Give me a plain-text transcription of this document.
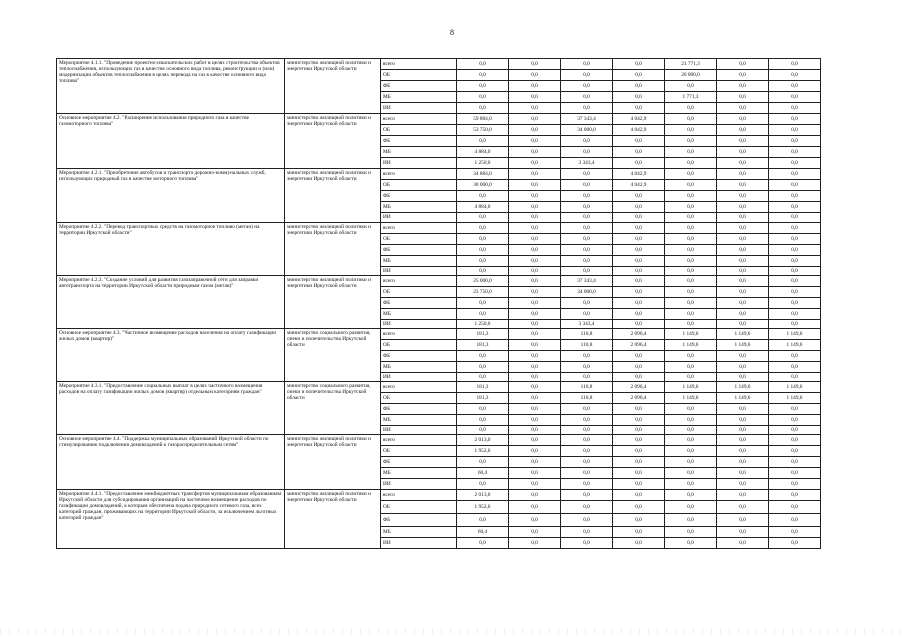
8
Мероприятие 4.1.1. "Проведение проектно-изыскательских работ в целях строительства объектов теплоснабжения, использующих газ в качестве основного вида топлива, реконструкции и (или) модернизации объектов теплоснабжения в целях перевода на газ в качестве основного вида топлива"	министерство жилищной политики и энергетики Иркутской области	всего	0,0	0,0	0,0	0,0	21 771,3	0,0	0,0
		ОБ	0,0	0,0	0,0	0,0	20 000,0	0,0	0,0
		ФБ	0,0	0,0	0,0	0,0	0,0	0,0	0,0
		МБ	0,0	0,0	0,0	0,0	1 771,3	0,0	0,0
		ИИ	0,0	0,0	0,0	0,0	0,0	0,0	0,0
Основное мероприятие 4.2. "Расширение использования природного газа в качестве газомоторного топлива"	министерство жилищной политики и энергетики Иркутской области	всего	59 884,0	0,0	37 343,4	4 042,9	0,0	0,0	0,0
		ОБ	53 750,0	0,0	34 000,0	4 042,9	0,0	0,0	0,0
		ФБ	0,0	0,0	0,0	0,0	0,0	0,0	0,0
		МБ	4 884,0	0,0	0,0	0,0	0,0	0,0	0,0
		ИИ	1 250,0	0,0	3 343,4	0,0	0,0	0,0	0,0
Мероприятие 4.2.1. "Приобретение автобусов и транспорта дорожно-коммунальных служб, использующих природный газ в качестве моторного топлива"	министерство жилищной политики и энергетики Иркутской области	всего	34 884,0	0,0	0,0	4 042,9	0,0	0,0	0,0
		ОБ	30 000,0	0,0	0,0	4 042,9	0,0	0,0	0,0
		ФБ	0,0	0,0	0,0	0,0	0,0	0,0	0,0
		МБ	4 884,0	0,0	0,0	0,0	0,0	0,0	0,0
		ИИ	0,0	0,0	0,0	0,0	0,0	0,0	0,0
Мероприятие 4.2.2. "Перевод транспортных средств на газомоторное топливо (метан) на территории Иркутской области"	министерство жилищной политики и энергетики Иркутской области	всего	0,0	0,0	0,0	0,0	0,0	0,0	0,0
		ОБ	0,0	0,0	0,0	0,0	0,0	0,0	0,0
		ФБ	0,0	0,0	0,0	0,0	0,0	0,0	0,0
		МБ	0,0	0,0	0,0	0,0	0,0	0,0	0,0
		ИИ	0,0	0,0	0,0	0,0	0,0	0,0	0,0
Мероприятие 4.2.3. "Создание условий для развития газозаправочной сети для заправки автотранспорта на территории Иркутской области природным газом (метан)"	министерство жилищной политики и энергетики Иркутской области	всего	25 000,0	0,0	37 343,4	0,0	0,0	0,0	0,0
		ОБ	23 750,0	0,0	34 000,0	0,0	0,0	0,0	0,0
		ФБ	0,0	0,0	0,0	0,0	0,0	0,0	0,0
		МБ	0,0	0,0	0,0	0,0	0,0	0,0	0,0
		ИИ	1 250,0	0,0	3 343,4	0,0	0,0	0,0	0,0
Основное мероприятие 4.3. "Частичное возмещение расходов населения на оплату газификации жилых домов (квартир)"	министерство социального развития, опеки и попечительства Иркутской области	всего	181,3	0,0	110,8	2 096,4	1 149,6	1 149,6	1 149,6
		ОБ	181,3	0,0	110,8	2 096,4	1 149,6	1 149,6	1 149,6
		ФБ	0,0	0,0	0,0	0,0	0,0	0,0	0,0
		МБ	0,0	0,0	0,0	0,0	0,0	0,0	0,0
		ИИ	0,0	0,0	0,0	0,0	0,0	0,0	0,0
Мероприятие 4.3.1. "Предоставление социальных выплат в целях частичного возмещения расходов на оплату газификации жилых домов (квартир) отдельным категориям граждан"	министерство социального развития, опеки и попечительства Иркутской области	всего	181,3	0,0	110,8	2 096,4	1 149,6	1 149,6	1 149,6
		ОБ	181,3	0,0	110,8	2 096,4	1 149,6	1 149,6	1 149,6
		ФБ	0,0	0,0	0,0	0,0	0,0	0,0	0,0
		МБ	0,0	0,0	0,0	0,0	0,0	0,0	0,0
		ИИ	0,0	0,0	0,0	0,0	0,0	0,0	0,0
Основное мероприятие 4.4. "Поддержка муниципальных образований Иркутской области по стимулированию подключения домовладений к газораспределительным сетям"	министерство жилищной политики и энергетики Иркутской области	всего	2 013,0	0,0	0,0	0,0	0,0	0,0	0,0
		ОБ	1 952,6	0,0	0,0	0,0	0,0	0,0	0,0
		ФБ	0,0	0,0	0,0	0,0	0,0	0,0	0,0
		МБ	60,4	0,0	0,0	0,0	0,0	0,0	0,0
		ИИ	0,0	0,0	0,0	0,0	0,0	0,0	0,0
Мероприятие 4.4.1. "Предоставление межбюджетных трансфертов муниципальным образованиям Иркутской области для субсидирования организаций на частичное возмещение расходов по газификации домовладений, к которым обеспечена подача природного сетевого газа, всех категорий граждан, проживающих на территории Иркутской области, за исключением льготных категорий граждан"	министерство жилищной политики и энергетики Иркутской области	всего	2 013,0	0,0	0,0	0,0	0,0	0,0	0,0
		ОБ	1 952,6	0,0	0,0	0,0	0,0	0,0	0,0
		ФБ	0,0	0,0	0,0	0,0	0,0	0,0	0,0
		МБ	60,4	0,0	0,0	0,0	0,0	0,0	0,0
		ИИ	0,0	0,0	0,0	0,0	0,0	0,0	0,0
